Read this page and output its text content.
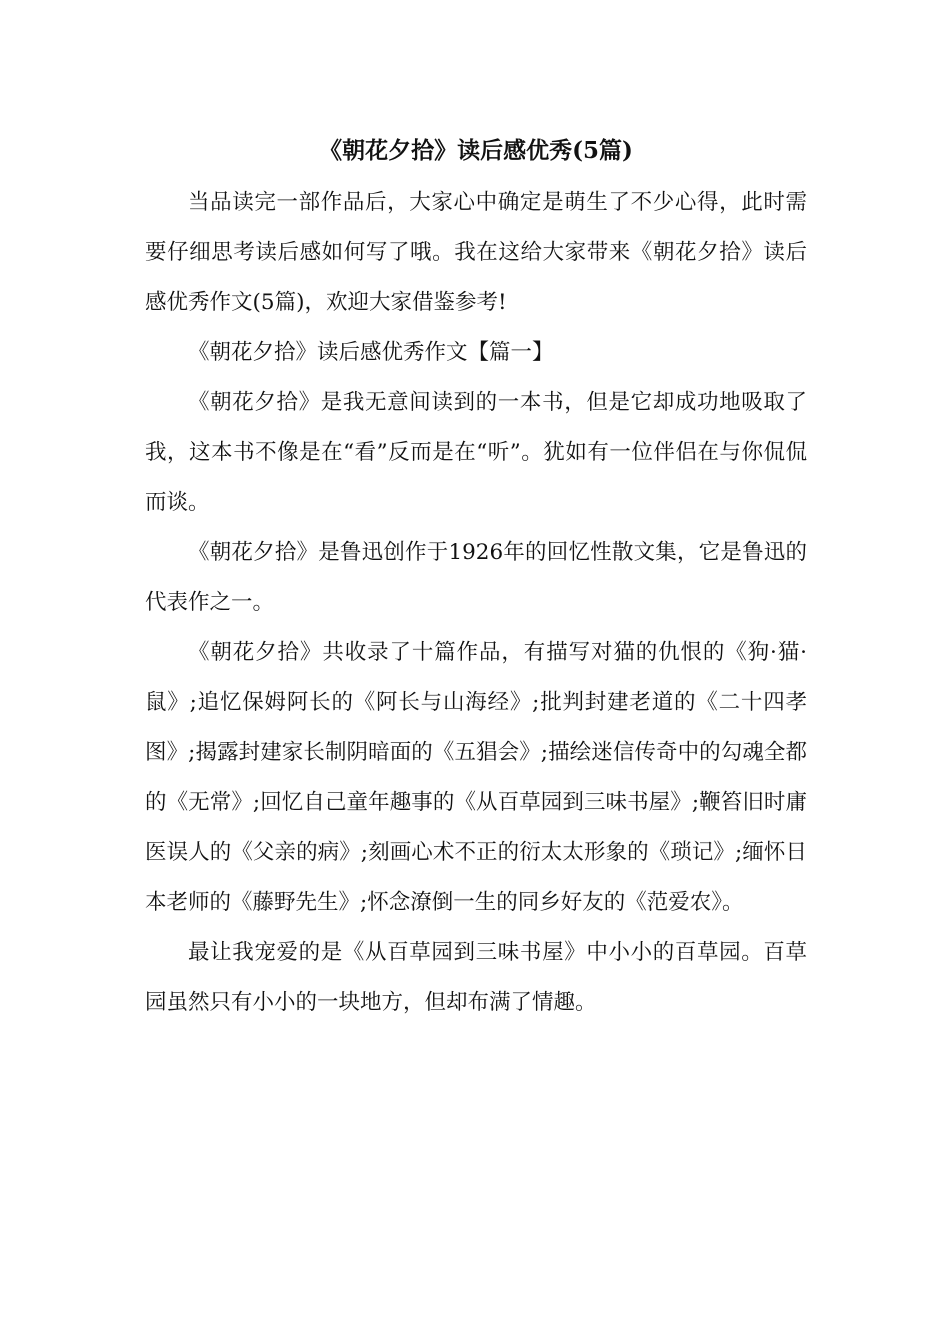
《朝花夕拾》读后感优秀(5篇)

当品读完一部作品后，大家心中确定是萌生了不少心得，此时需要仔细思考读后感如何写了哦。我在这给大家带来《朝花夕拾》读后感优秀作文(5篇)，欢迎大家借鉴参考!

《朝花夕拾》读后感优秀作文【篇一】

《朝花夕拾》是我无意间读到的一本书，但是它却成功地吸取了我，这本书不像是在“看”反而是在“听”。犹如有一位伴侣在与你侃侃而谈。

《朝花夕拾》是鲁迅创作于1926年的回忆性散文集，它是鲁迅的代表作之一。

《朝花夕拾》共收录了十篇作品，有描写对猫的仇恨的《狗·猫·鼠》;追忆保姆阿长的《阿长与山海经》;批判封建老道的《二十四孝图》;揭露封建家长制阴暗面的《五猖会》;描绘迷信传奇中的勾魂全都的《无常》;回忆自己童年趣事的《从百草园到三味书屋》;鞭笞旧时庸医误人的《父亲的病》;刻画心术不正的衍太太形象的《琐记》;缅怀日本老师的《藤野先生》;怀念潦倒一生的同乡好友的《范爱农》。

最让我宠爱的是《从百草园到三味书屋》中小小的百草园。百草园虽然只有小小的一块地方，但却布满了情趣。
